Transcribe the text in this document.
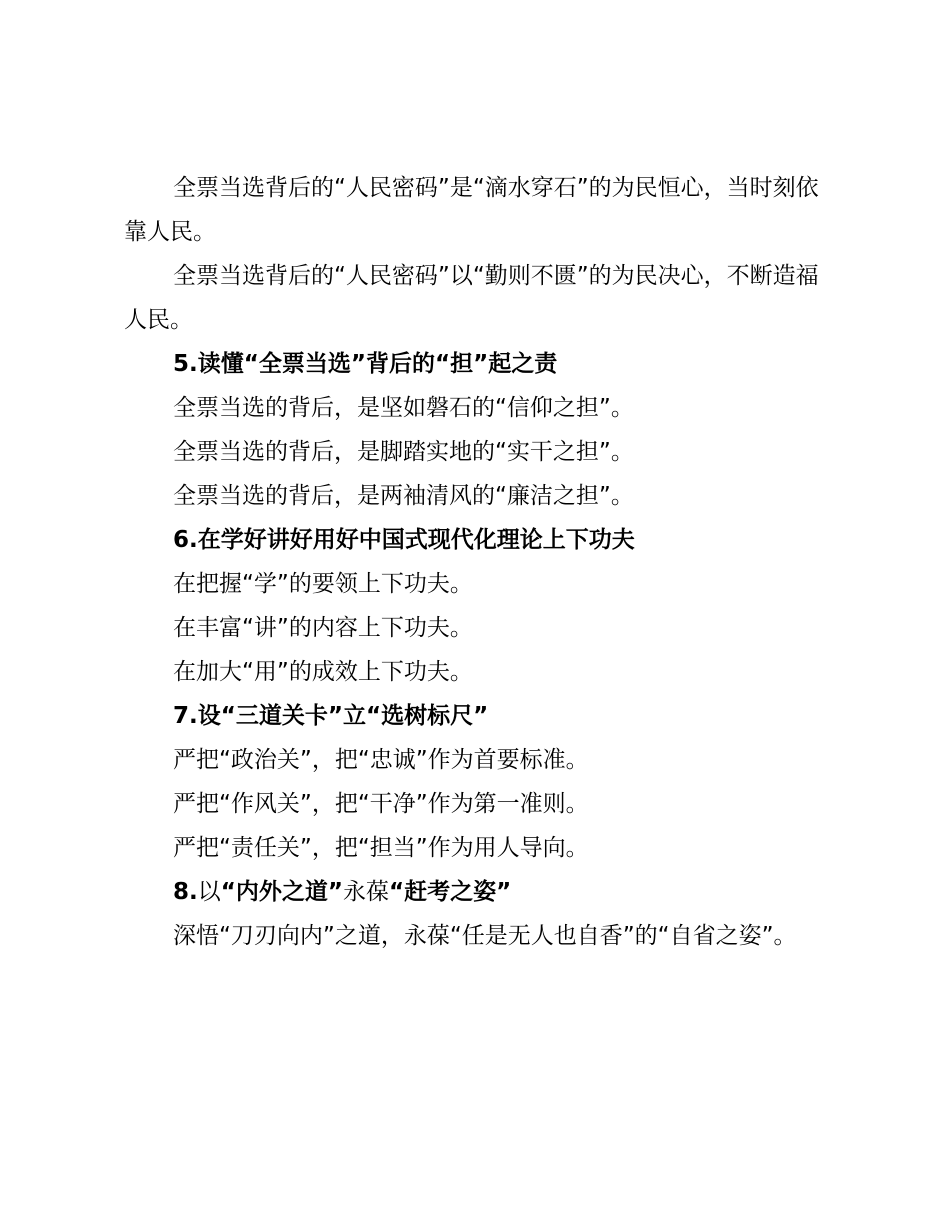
全票当选背后的“人民密码”是“滴水穿石”的为民恒心，当时刻依靠人民。

全票当选背后的“人民密码”以“勤则不匮”的为民决心，不断造福人民。

5.读懂“全票当选”背后的“担”起之责

全票当选的背后，是坚如磐石的“信仰之担”。

全票当选的背后，是脚踏实地的“实干之担”。

全票当选的背后，是两袖清风的“廉洁之担”。

6.在学好讲好用好中国式现代化理论上下功夫

在把握“学”的要领上下功夫。

在丰富“讲”的内容上下功夫。

在加大“用”的成效上下功夫。

7.设“三道关卡”立“选树标尺”

严把“政治关”，把“忠诚”作为首要标准。

严把“作风关”，把“干净”作为第一准则。

严把“责任关”，把“担当”作为用人导向。

8.以“内外之道”永葆“赶考之姿”

深悟“刀刃向内”之道，永葆“任是无人也自香”的“自省之姿”。
